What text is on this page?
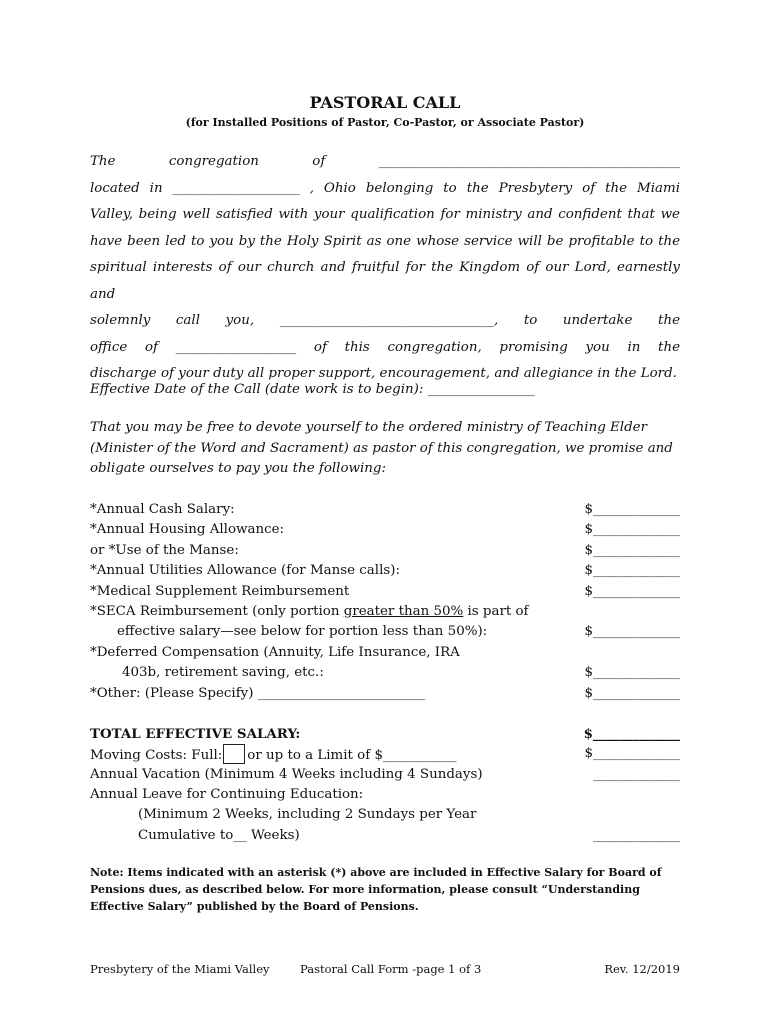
PASTORAL CALL
(for Installed Positions of Pastor, Co-Pastor, or Associate Pastor)
The congregation of _____________________________________________
located in ___________________ , Ohio belonging to the Presbytery of the Miami
Valley, being well satisfied with your qualification for ministry and confident that we
have been led to you by the Holy Spirit as one whose service will be profitable to the
spiritual interests of our church and fruitful for the Kingdom of our Lord, earnestly and
solemnly call you, ________________________________, to undertake the
office of __________________ of this congregation, promising you in the
discharge of your duty all proper support, encouragement, and allegiance in the Lord.
Effective Date of the Call (date work is to begin): ________________
That you may be free to devote yourself to the ordered ministry of Teaching Elder (Minister of the Word and Sacrament) as pastor of this congregation, we promise and obligate ourselves to pay you the following:
*Annual Cash Salary:	$_____________
*Annual Housing Allowance:	$_____________
or *Use of the Manse:	$_____________
*Annual Utilities Allowance (for Manse calls):	$_____________
*Medical Supplement Reimbursement	$_____________
*SECA Reimbursement (only portion greater than 50% is part of
effective salary—see below for portion less than 50%):	$_____________
*Deferred Compensation (Annuity, Life Insurance, IRA
403b, retirement saving, etc.:	$_____________
*Other: (Please Specify) _________________________	$_____________
TOTAL EFFECTIVE SALARY:	$_____________
Moving Costs: Full: or up to a Limit of $___________	$_____________
Annual Vacation (Minimum 4 Weeks including 4 Sundays)	_____________
Annual Leave for Continuing Education:
(Minimum 2 Weeks, including 2 Sundays per Year
Cumulative to__ Weeks)	_____________
Note: Items indicated with an asterisk (*) above are included in Effective Salary for Board of Pensions dues, as described below. For more information, please consult “Understanding Effective Salary” published by the Board of Pensions.
Presbytery of the Miami Valley	Pastoral Call Form -page 1 of 3	Rev. 12/2019
